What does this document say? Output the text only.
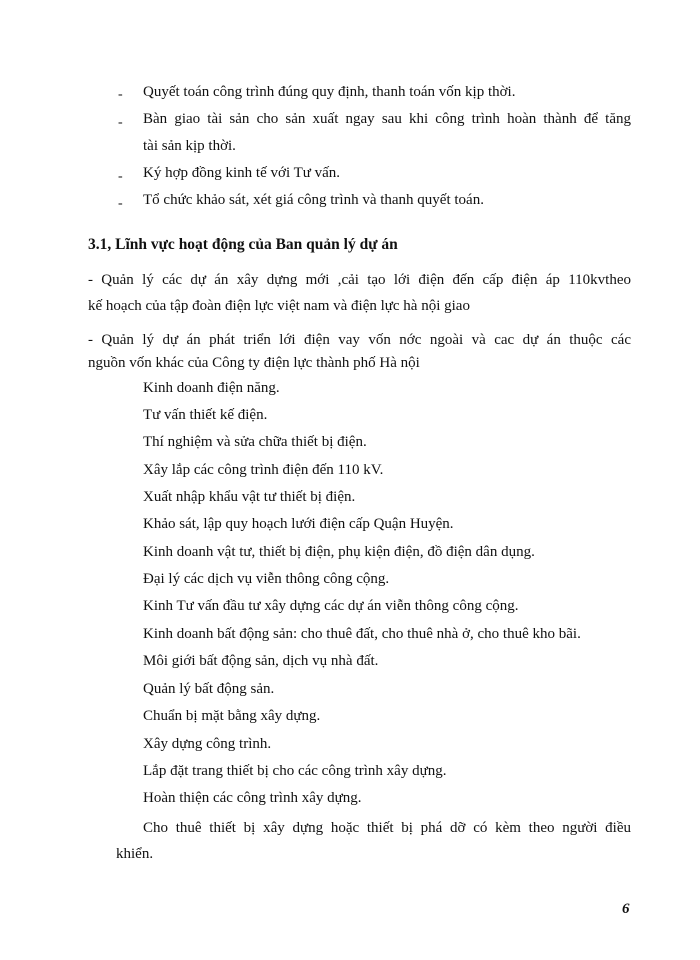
- Quyết toán công trình đúng quy định, thanh toán vốn kịp thời.
- Bàn giao tài sản cho sản xuất ngay sau khi công trình hoàn thành để tăng
tài sản kịp thời.
- Ký hợp đồng kinh tế với Tư vấn.
- Tổ chức khảo sát, xét giá công trình và thanh quyết toán.
3.1, Lĩnh vực hoạt động của Ban quản lý dự án
- Quản lý các dự án xây dựng mới ,cải tạo lới điện đến cấp điện áp 110kvtheo
kế hoạch của tập đoàn điện lực việt nam và điện lực hà nội giao
- Quản lý dự án phát triển lới điện vay vốn nớc ngoài và cac dự án thuộc các
nguồn vốn khác của Công ty điện lực thành phố Hà nội
Kinh doanh điện năng.
Tư vấn thiết kế điện.
Thí nghiệm và sửa chữa thiết bị điện.
Xây lắp các công trình điện đến 110 kV.
Xuất nhập khẩu vật tư thiết bị điện.
Khảo sát, lập quy hoạch lưới điện cấp Quận Huyện.
Kinh doanh vật tư, thiết bị điện, phụ kiện điện, đồ điện dân dụng.
Đại lý các dịch vụ viễn thông công cộng.
Kinh Tư vấn đầu tư xây dựng các dự án viễn thông công cộng.
Kinh doanh bất động sản: cho thuê đất, cho thuê nhà ở, cho thuê kho bãi.
Môi giới bất động sản, dịch vụ nhà đất.
Quản lý bất động sản.
Chuẩn bị mặt bằng xây dựng.
Xây dựng công trình.
Lắp đặt trang thiết bị cho các công trình xây dựng.
Hoàn thiện các công trình xây dựng.
Cho thuê thiết bị xây dựng hoặc thiết bị phá dỡ có kèm theo người điều
khiển.
6
